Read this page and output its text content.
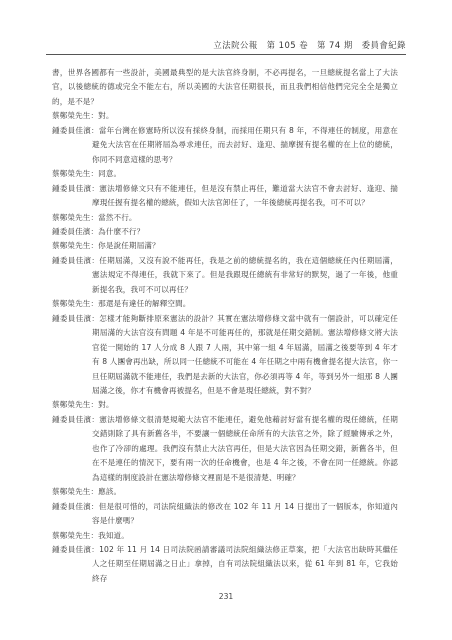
立法院公報　第 105 卷　第 74 期　委員會紀錄

書，世界各國都有一些設計，美國最典型的是大法官終身制，不必再提名，一旦總統提名當上了大法官，以後總統的德或完全不能左右，所以美國的大法官任期很長，而且我們相信他們完完全全是獨立的，是不是？

蔡鄭榮先生：對。

鍾委員佳濱：當年台灣在修憲時所以沒有採終身制，而採用任期只有 8 年，不得連任的制度，用意在避免大法官在任期將屆為尋求連任，而去討好、逢迎、揣摩握有提名權的在上位的總統，你同不同意這樣的思考？

蔡鄭榮先生：同意。

鍾委員佳濱：憲法增修條文只有不能連任，但是沒有禁止再任，難道當大法官不會去討好、逢迎、揣摩現任握有提名權的總統，假如大法官卸任了，一年後總統再提名我，可不可以？

蔡鄭榮先生：當然不行。

鍾委員佳濱：為什麼不行？

蔡鄭榮先生：你是說任期屆滿？

鍾委員佳濱：任期屆滿，又沒有說不能再任，我是之前的總統提名的，我在這個總統任內任期屆滿，憲法規定不得連任，我就下來了。但是我跟現任總統有非常好的默契，過了一年後，他重新提名我，我可不可以再任？

蔡鄭榮先生：那還是有違任的解釋空間。

鍾委員佳濱：怎樣才能夠斷排原來憲法的設計？其實在憲法增修條文當中就有一個設計，可以確定任期屆滿的大法官沒有問題 4 年是不可能再任的，那就是任期交錯制。憲法增修條文將大法官從一開始的 17 人分成 8 人跟 7 人兩，其中第一組 4 年屆滿，屆滿之後要等到 4 年才有 8 人團會再出缺，所以同一任總統不可能在 4 年任期之中兩有機會提名提大法官，你一旦任期屆滿就不能連任，我們是去新的大法官，你必須再等 4 年，等到另外一組那 8 人團屆滿之後，你才有機會再被提名，但是不會是現任總統，對不對？

蔡鄭榮先生：對。

鍾委員佳濱：憲法增修條文很清楚規範大法官不能連任，避免他藉討好當有提名權的現任總統，任期交錯則除了具有新舊各半，不要讓一個總統任命所有的大法官之外，除了經驗傳承之外，也作了冷卻的處理。我們沒有禁止大法官再任，但是大法官因為任期交錯，新舊各半，但在不是連任的情況下，要有兩一次的任命機會，也是 4 年之後，不會在同一任總統。你認為這樣的制度設計在憲法增修條文裡面是不是很清楚、明確？

蔡鄭榮先生：應該。

鍾委員佳濱：但是很可惜的，司法院組織法的修改在 102 年 11 月 14 日提出了一個版本，你知道內容是什麼嗎？

蔡鄭榮先生：我知道。

鍾委員佳濱：102 年 11 月 14 日司法院函請審議司法院組織法修正草案，把「大法官出缺時其繼任人之任期至任期屆滿之日止」拿掉，自有司法院組織法以來，從 61 年到 81 年，它我始終存

231
